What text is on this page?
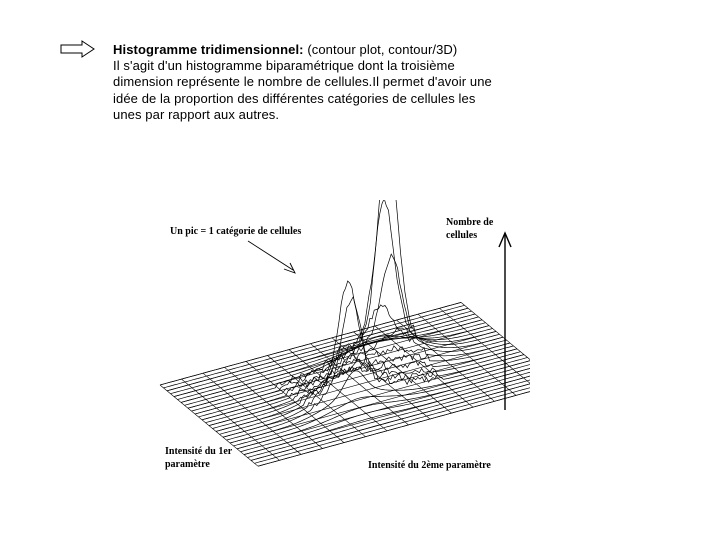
Histogramme tridimensionnel: (contour plot, contour/3D)
Il s'agit d'un histogramme biparamétrique dont la troisième
dimension représente le nombre de cellules.Il permet d'avoir une
idée de la proportion des différentes catégories de cellules les
unes par rapport aux autres.
Un pic = 1 catégorie de cellules
Nombre de
cellules
Intensité du 1er
paramètre	Intensité du 2ème paramètre
